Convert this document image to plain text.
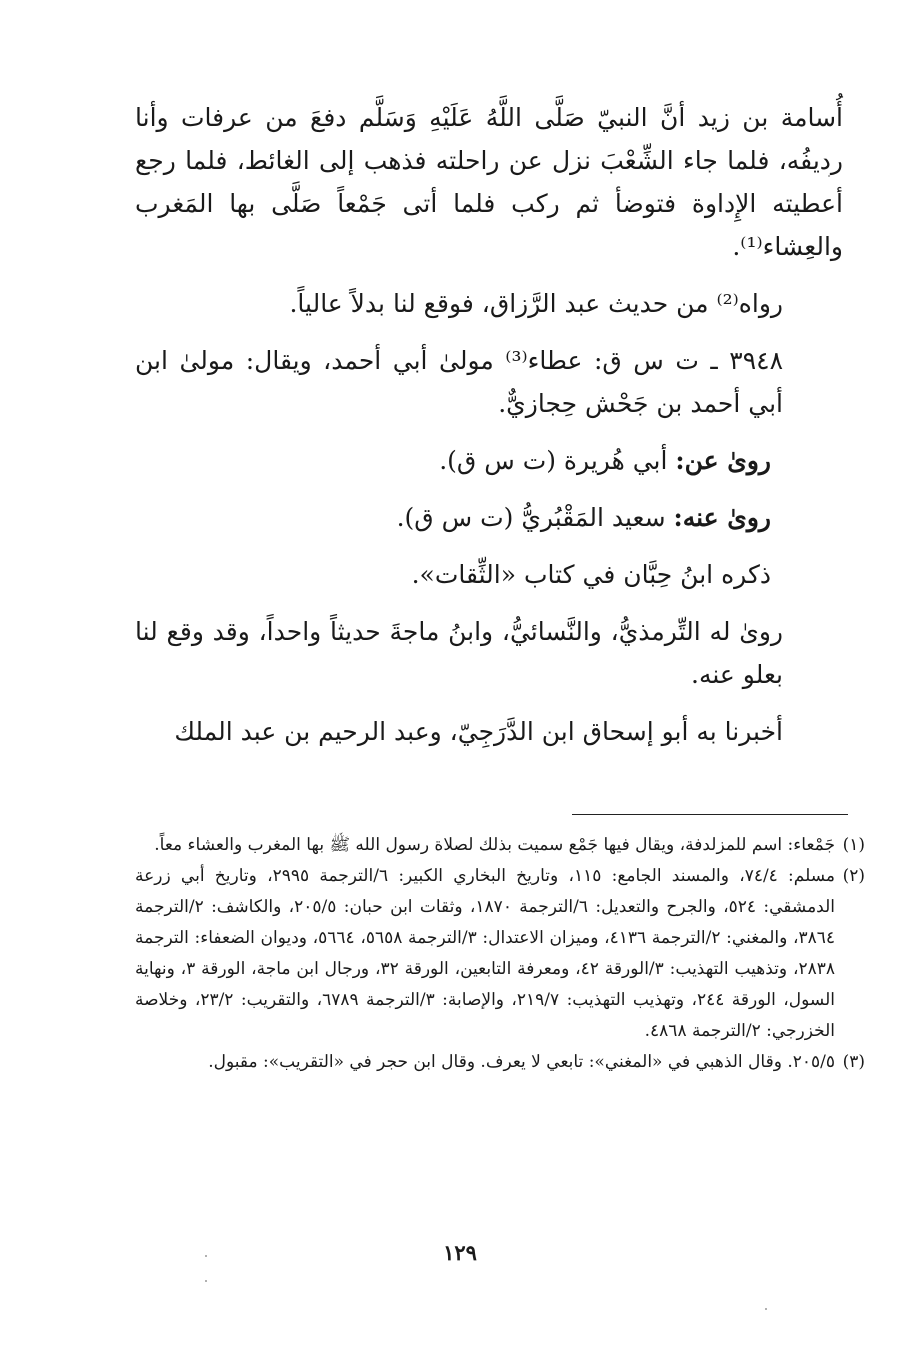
أُسامة بن زيد أنَّ النبيّ صَلَّى اللَّهُ عَلَيْهِ وَسَلَّم دفعَ من عرفات وأنا رديفُه، فلما جاء الشِّعْبَ نزل عن راحلته فذهب إلى الغائط، فلما رجع أعطيته الإِداوة فتوضأ ثم ركب فلما أتى جَمْعاً صَلَّى بها المَغرب والعِشاء⁽¹⁾.

رواه⁽²⁾ من حديث عبد الرَّزاق، فوقع لنا بدلاً عالياً.

٣٩٤٨ ـ ت س ق: عطاء⁽³⁾ مولىٰ أبي أحمد، ويقال: مولىٰ ابن أبي أحمد بن جَحْش حِجازيٌّ.

رویٰ عن: أبي هُريرة (ت س ق).

رویٰ عنه: سعيد المَقْبُريُّ (ت س ق).

ذكره ابنُ حِبَّان في كتاب «الثِّقات».

رویٰ له التِّرمذيُّ، والنَّسائيُّ، وابنُ ماجةَ حديثاً واحداً، وقد وقع لنا بعلو عنه.

أخبرنا به أبو إسحاق ابن الدَّرَجِيّ، وعبد الرحيم بن عبد الملك

(١)
جَمْعاء: اسم للمزلدفة، ويقال فيها جَمْع سميت بذلك لصلاة رسول الله ﷺ بها المغرب والعشاء معاً.
(٢)
مسلم: ٧٤/٤، والمسند الجامع: ١١٥، وتاريخ البخاري الكبير: ٦/الترجمة ٢٩٩٥، وتاريخ أبي زرعة الدمشقي: ٥٢٤، والجرح والتعديل: ٦/الترجمة ١٨٧٠، وثقات ابن حبان: ٢٠٥/٥، والكاشف: ٢/الترجمة ٣٨٦٤، والمغني: ٢/الترجمة ٤١٣٦، وميزان الاعتدال: ٣/الترجمة ٥٦٥٨، ٥٦٦٤، وديوان الضعفاء: الترجمة ٢٨٣٨، وتذهيب التهذيب: ٣/الورقة ٤٢، ومعرفة التابعين، الورقة ٣٢، ورجال ابن ماجة، الورقة ٣، ونهاية السول، الورقة ٢٤٤، وتهذيب التهذيب: ٢١٩/٧، والإصابة: ٣/الترجمة ٦٧٨٩، والتقريب: ٢٣/٢، وخلاصة الخزرجي: ٢/الترجمة ٤٨٦٨.
(٣)
٢٠٥/٥. وقال الذهبي في «المغني»: تابعي لا يعرف. وقال ابن حجر في «التقريب»: مقبول.
١٢٩
